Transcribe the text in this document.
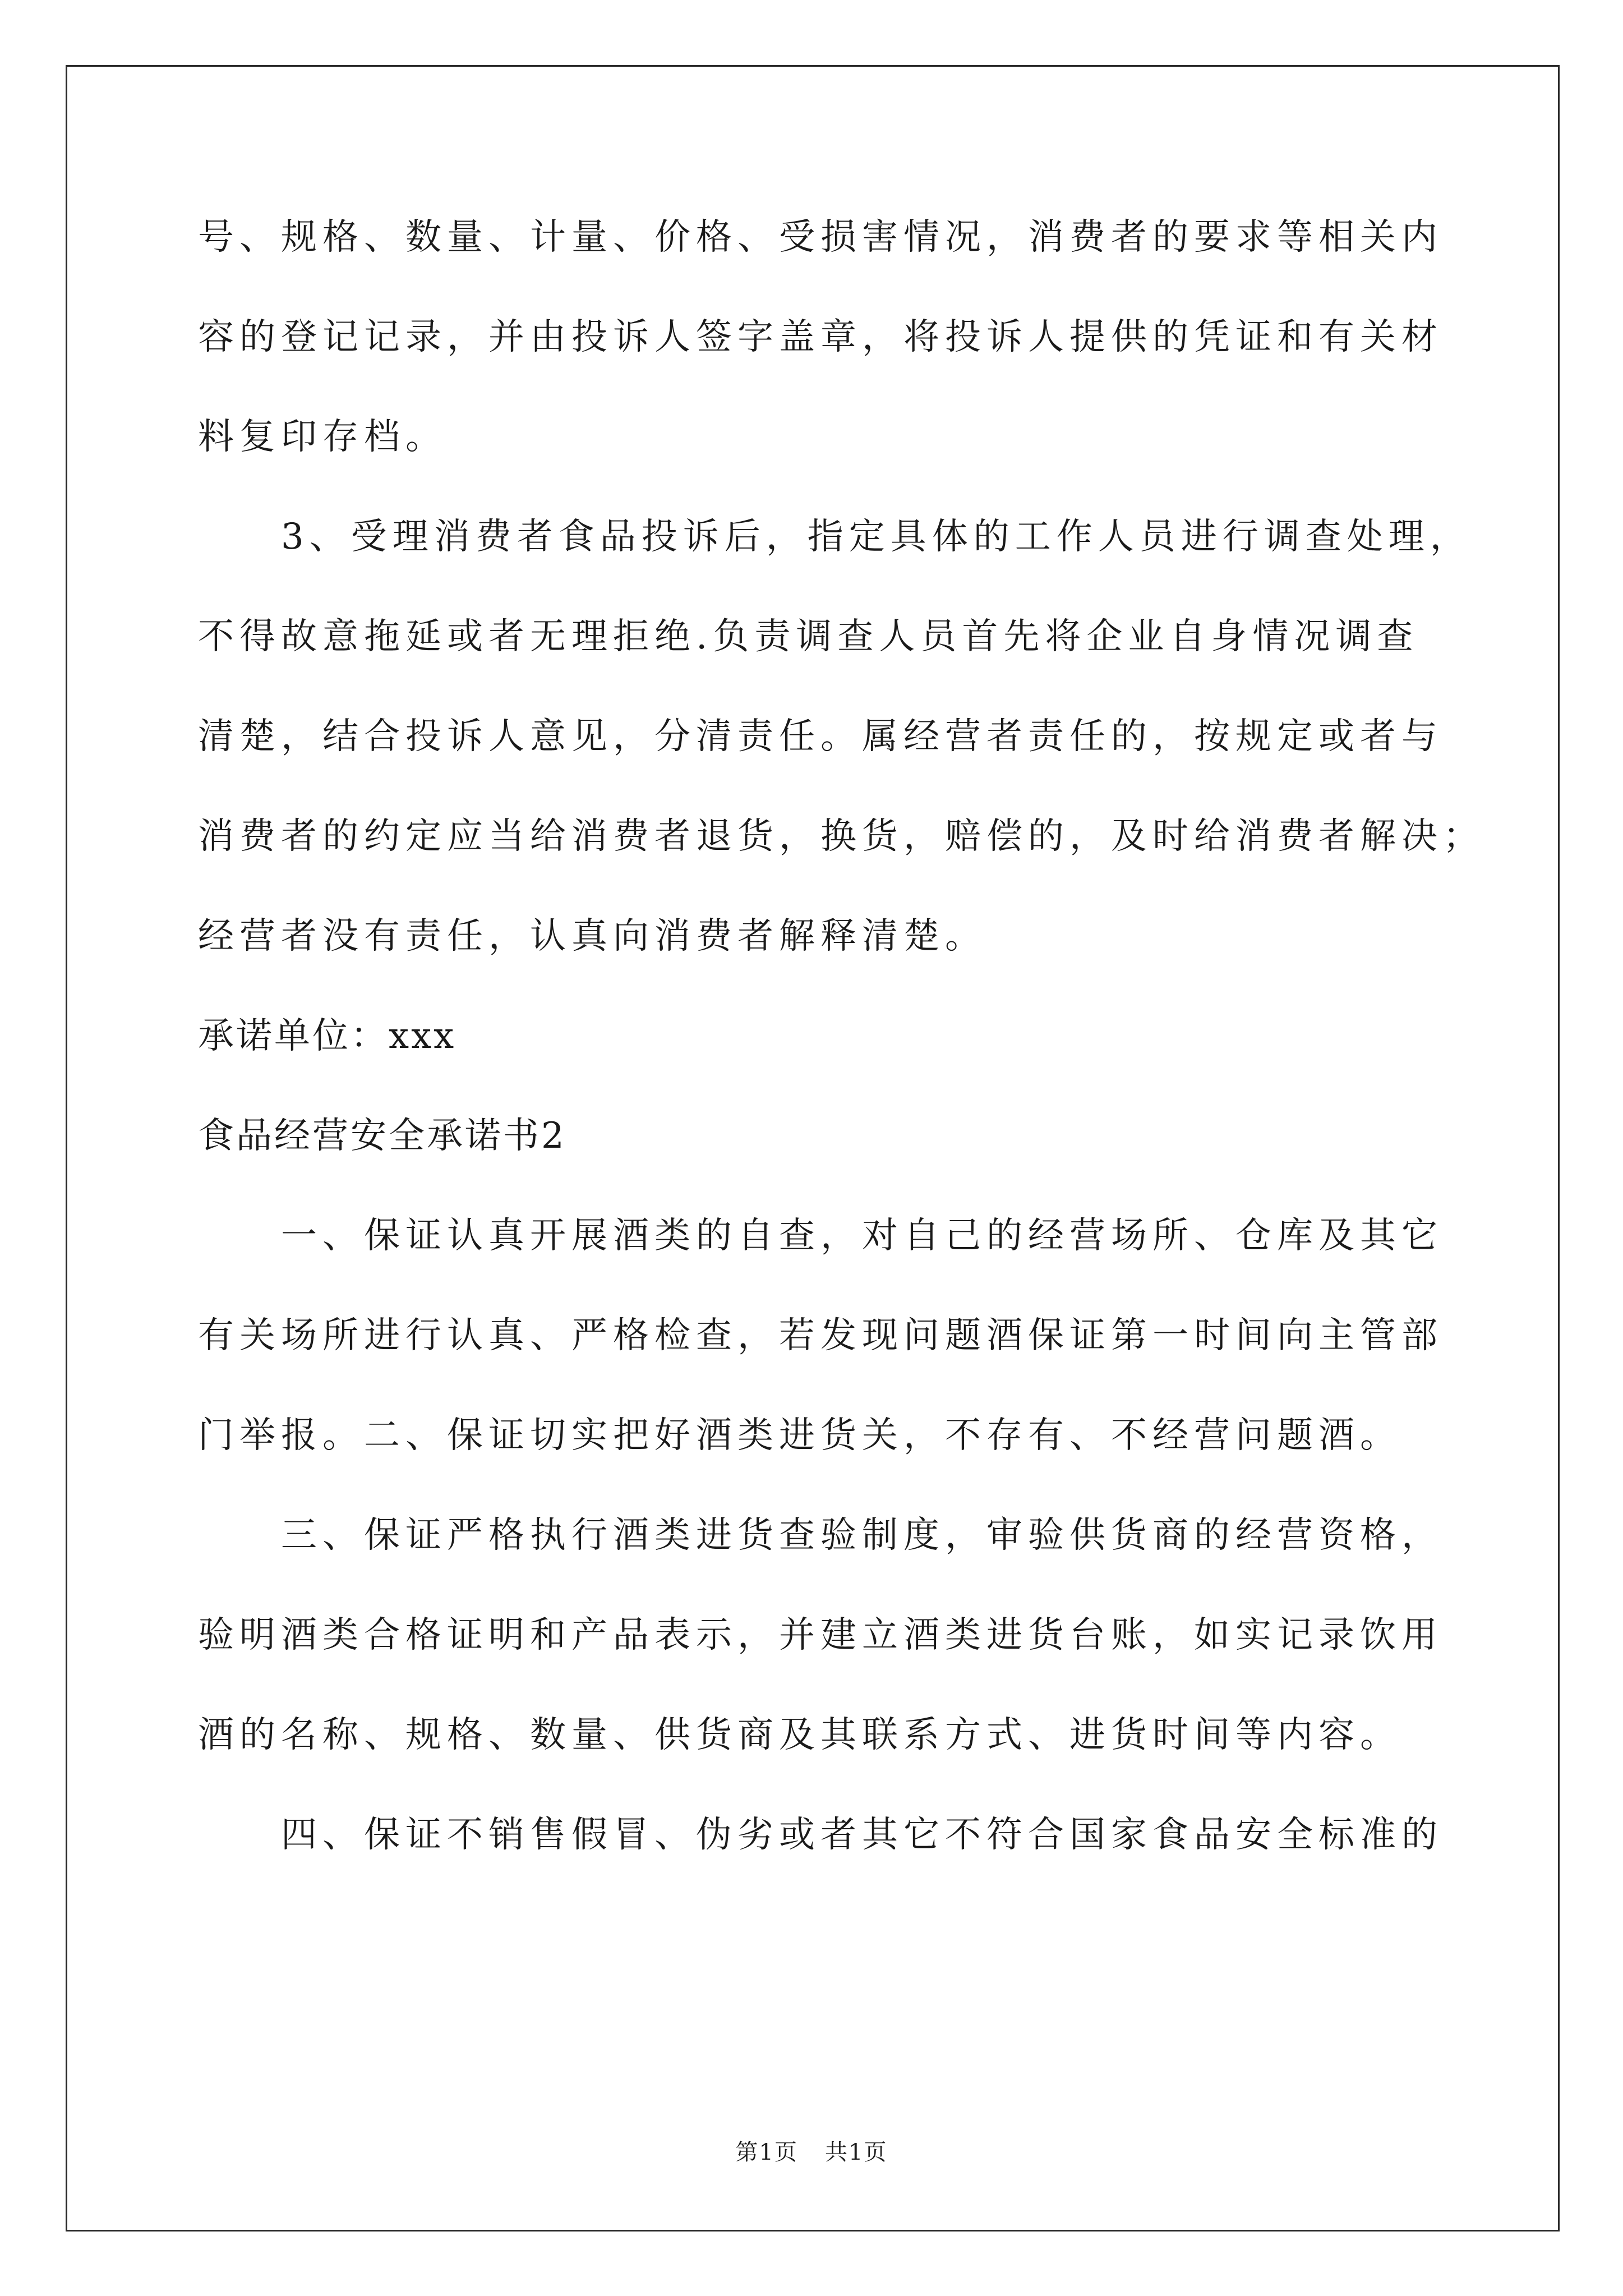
号、规格、数量、计量、价格、受损害情况，消费者的要求等相关内
容的登记记录，并由投诉人签字盖章，将投诉人提供的凭证和有关材
料复印存档。
　　3、受理消费者食品投诉后，指定具体的工作人员进行调查处理，
不得故意拖延或者无理拒绝.负责调查人员首先将企业自身情况调查
清楚，结合投诉人意见，分清责任。属经营者责任的，按规定或者与
消费者的约定应当给消费者退货，换货，赔偿的，及时给消费者解决；
经营者没有责任，认真向消费者解释清楚。
承诺单位：xxx
食品经营安全承诺书2
　　一、保证认真开展酒类的自查，对自己的经营场所、仓库及其它
有关场所进行认真、严格检查，若发现问题酒保证第一时间向主管部
门举报。二、保证切实把好酒类进货关，不存有、不经营问题酒。
　　三、保证严格执行酒类进货查验制度，审验供货商的经营资格，
验明酒类合格证明和产品表示，并建立酒类进货台账，如实记录饮用
酒的名称、规格、数量、供货商及其联系方式、进货时间等内容。
　　四、保证不销售假冒、伪劣或者其它不符合国家食品安全标准的
第1页 共1页
